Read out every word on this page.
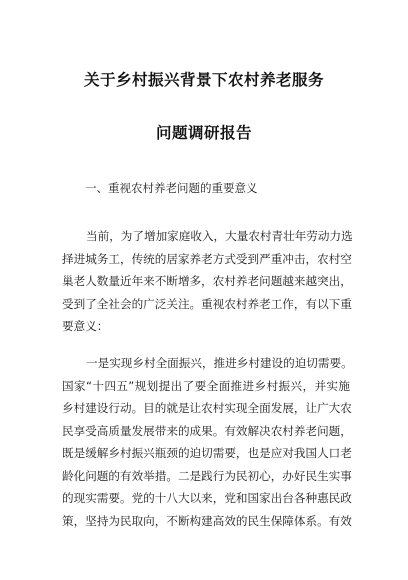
关于乡村振兴背景下农村养老服务
问题调研报告
一、重视农村养老问题的重要意义
当前，为了增加家庭收入，大量农村青壮年劳动力选
择进城务工，传统的居家养老方式受到严重冲击，农村空
巢老人数量近年来不断增多，农村养老问题越来越突出，
受到了全社会的广泛关注。重视农村养老工作，有以下重
要意义：
一是实现乡村全面振兴，推进乡村建设的迫切需要。
国家“十四五”规划提出了要全面推进乡村振兴，并实施
乡村建设行动。目的就是让农村实现全面发展，让广大农
民享受高质量发展带来的成果。有效解决农村养老问题，
既是缓解乡村振兴瓶颈的迫切需要，也是应对我国人口老
龄化问题的有效举措。二是践行为民初心，办好民生实事
的现实需要。党的十八大以来，党和国家出台各种惠民政
策，坚持为民取向，不断构建高效的民生保障体系。有效
